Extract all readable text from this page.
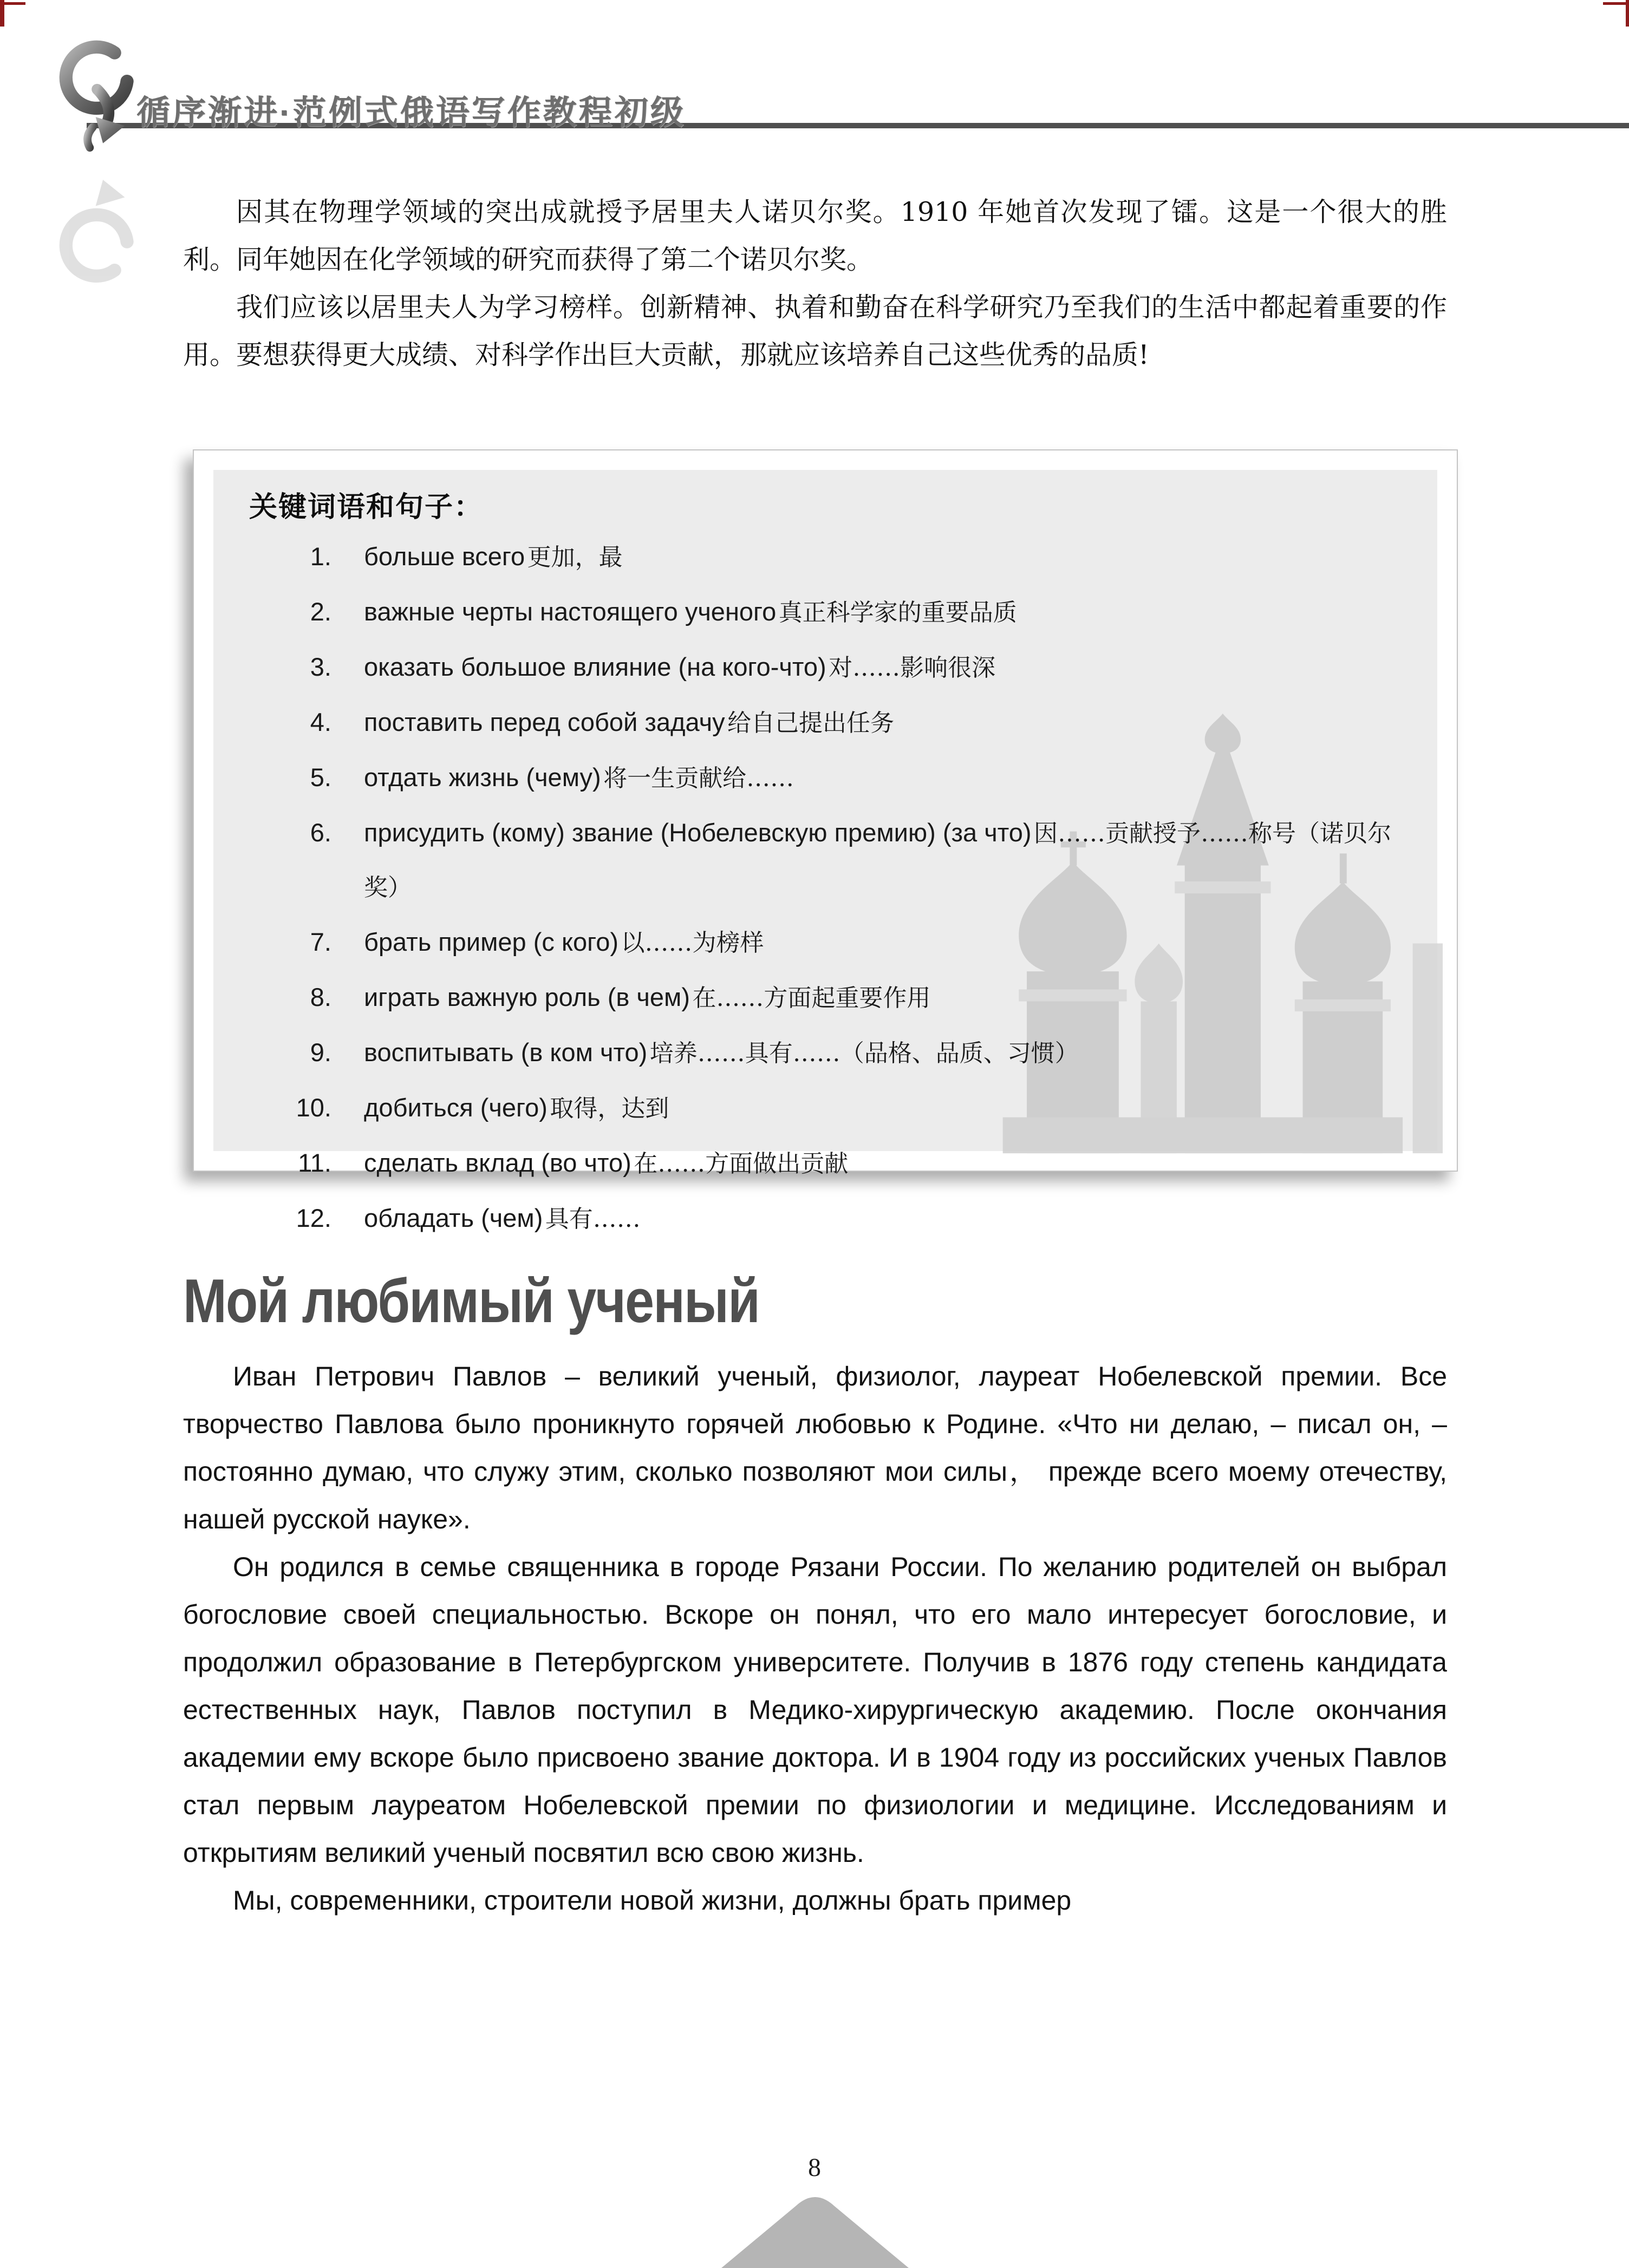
循序渐进·范例式俄语写作教程初级

因其在物理学领域的突出成就授予居里夫人诺贝尔奖。1910 年她首次发现了镭。这是一个很大的胜利。同年她因在化学领域的研究而获得了第二个诺贝尔奖。

我们应该以居里夫人为学习榜样。创新精神、执着和勤奋在科学研究乃至我们的生活中都起着重要的作用。要想获得更大成绩、对科学作出巨大贡献，那就应该培养自己这些优秀的品质!

关键词语和句子：

1. больше всего 更加，最
2. важные черты настоящего ученого 真正科学家的重要品质
3. оказать большое влияние (на кого-что) 对……影响很深
4. поставить перед собой задачу 给自己提出任务
5. отдать жизнь (чему) 将一生贡献给……
6. присудить (кому) звание (Нобелевскую премию) (за что) 因……贡献授予……称号（诺贝尔奖）
7. брать пример (с кого) 以……为榜样
8. играть важную роль (в чем) 在……方面起重要作用
9. воспитывать (в ком что) 培养……具有……（品格、品质、习惯）
10. добиться (чего) 取得，达到
11. сделать вклад (во что) 在……方面做出贡献
12. обладать (чем) 具有……
Мой любимый ученый

Иван Петрович Павлов – великий ученый, физиолог, лауреат Нобелевской премии. Все творчество Павлова было проникнуто горячей любовью к Родине. «Что ни делаю, – писал он, – постоянно думаю, что служу этим, сколько позволяют мои силы， прежде всего моему отечеству, нашей русской науке».

Он родился в семье священника в городе Рязани России. По желанию родителей он выбрал богословие своей специальностью. Вскоре он понял, что его мало интересует богословие, и продолжил образование в Петербургском университете. Получив в 1876 году степень кандидата естественных наук, Павлов поступил в Медико-хирургическую академию. После окончания академии ему вскоре было присвоено звание доктора. И в 1904 году из российских ученых Павлов стал первым лауреатом Нобелевской премии по физиологии и медицине. Исследованиям и открытиям великий ученый посвятил всю свою жизнь.

Мы, современники, строители новой жизни, должны брать пример

8
